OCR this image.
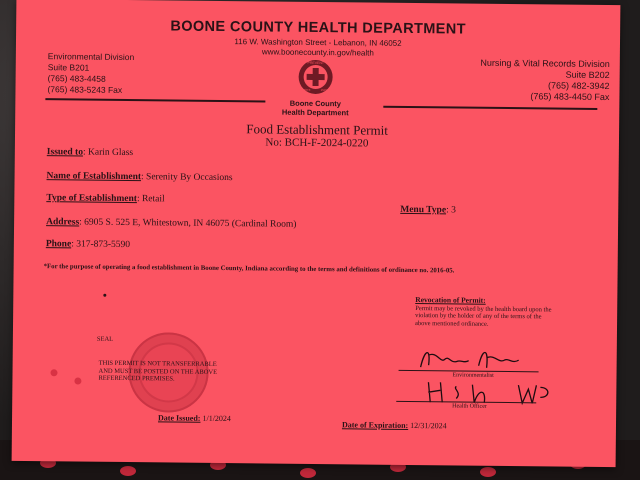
BOONE COUNTY HEALTH DEPARTMENT
116 W. Washington Street - Lebanon, IN 46052
www.boonecounty.in.gov/health
Environmental Division
Suite B201
(765) 483-4458
(765) 483-5243 Fax
Nursing & Vital Records Division
Suite B202
(765) 482-3942
(765) 483-4450 Fax
PREVENT
PROMOTE	PROTECT
Boone County
Health Department
Food Establishment Permit
No: BCH-F-2024-0220
Issued to: Karin Glass
Name of Establishment: Serenity By Occasions
Type of Establishment: Retail
Menu Type: 3
Address: 6905 S. 525 E, Whitestown, IN 46075 (Cardinal Room)
Phone: 317-873-5590
*For the purpose of operating a food establishment in Boone County, Indiana according to the terms and definitions of ordinance no. 2016-05.
Revocation of Permit:
Permit may be revoked by the health board upon the violation by the holder of any of the terms of the above mentioned ordinance.
SEAL
THIS PERMIT IS NOT TRANSFERRABLE AND MUST BE POSTED ON THE ABOVE REFERENCED PREMISES.	Environmentalist
Health Officer
Date Issued: 1/1/2024
Date of Expiration: 12/31/2024
